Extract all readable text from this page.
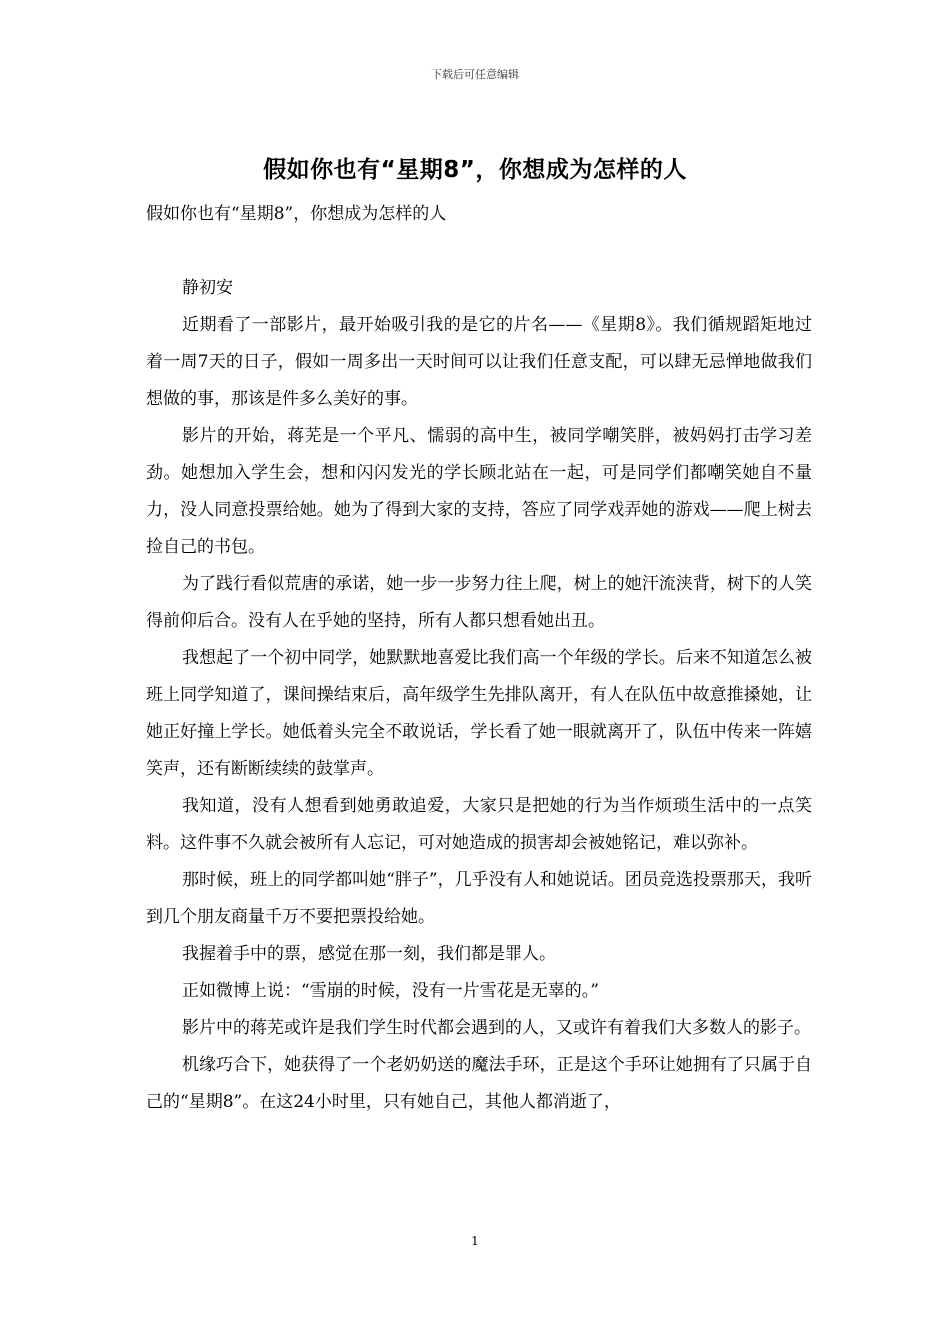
下载后可任意编辑
假如你也有“星期8”，你想成为怎样的人

假如你也有“星期8”，你想成为怎样的人

静初安

近期看了一部影片，最开始吸引我的是它的片名——《星期8》。我们循规蹈矩地过着一周7天的日子，假如一周多出一天时间可以让我们任意支配，可以肆无忌惮地做我们想做的事，那该是件多么美好的事。

影片的开始，蒋芜是一个平凡、懦弱的高中生，被同学嘲笑胖，被妈妈打击学习差劲。她想加入学生会，想和闪闪发光的学长顾北站在一起，可是同学们都嘲笑她自不量力，没人同意投票给她。她为了得到大家的支持，答应了同学戏弄她的游戏——爬上树去捡自己的书包。

为了践行看似荒唐的承诺，她一步一步努力往上爬，树上的她汗流浃背，树下的人笑得前仰后合。没有人在乎她的坚持，所有人都只想看她出丑。

我想起了一个初中同学，她默默地喜爱比我们高一个年级的学长。后来不知道怎么被班上同学知道了，课间操结束后，高年级学生先排队离开，有人在队伍中故意推搡她，让她正好撞上学长。她低着头完全不敢说话，学长看了她一眼就离开了，队伍中传来一阵嬉笑声，还有断断续续的鼓掌声。

我知道，没有人想看到她勇敢追爱，大家只是把她的行为当作烦琐生活中的一点笑料。这件事不久就会被所有人忘记，可对她造成的损害却会被她铭记，难以弥补。

那时候，班上的同学都叫她“胖子”，几乎没有人和她说话。团员竞选投票那天，我听到几个朋友商量千万不要把票投给她。

我握着手中的票，感觉在那一刻，我们都是罪人。

正如微博上说：“雪崩的时候，没有一片雪花是无辜的。”

影片中的蒋芜或许是我们学生时代都会遇到的人，又或许有着我们大多数人的影子。

机缘巧合下，她获得了一个老奶奶送的魔法手环，正是这个手环让她拥有了只属于自己的“星期8”。在这24小时里，只有她自己，其他人都消逝了，

1
